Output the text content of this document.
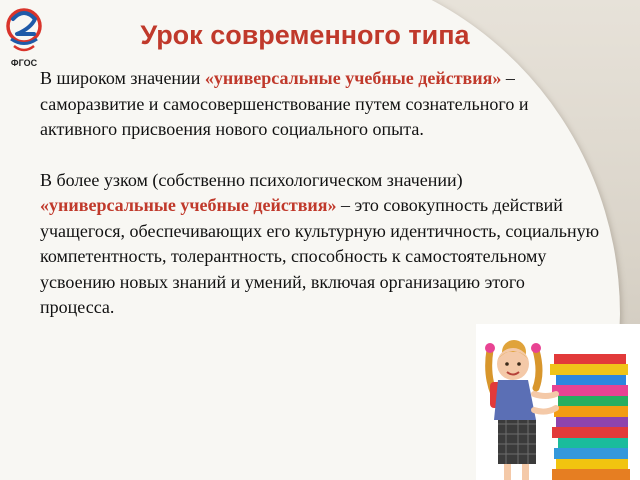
ФГОС
Урок современного типа

В широком значении «универсальные учебные действия» – саморазвитие и самосовершенствование путем сознательного и активного присвоения нового социального опыта.

В более узком (собственно психологическом значении) «универсальные учебные действия» – это совокупность действий учащегося, обеспечивающих его культурную идентичность, социальную компетентность, толерантность, способность к самостоятельному усвоению новых знаний и умений, включая организацию этого процесса.
